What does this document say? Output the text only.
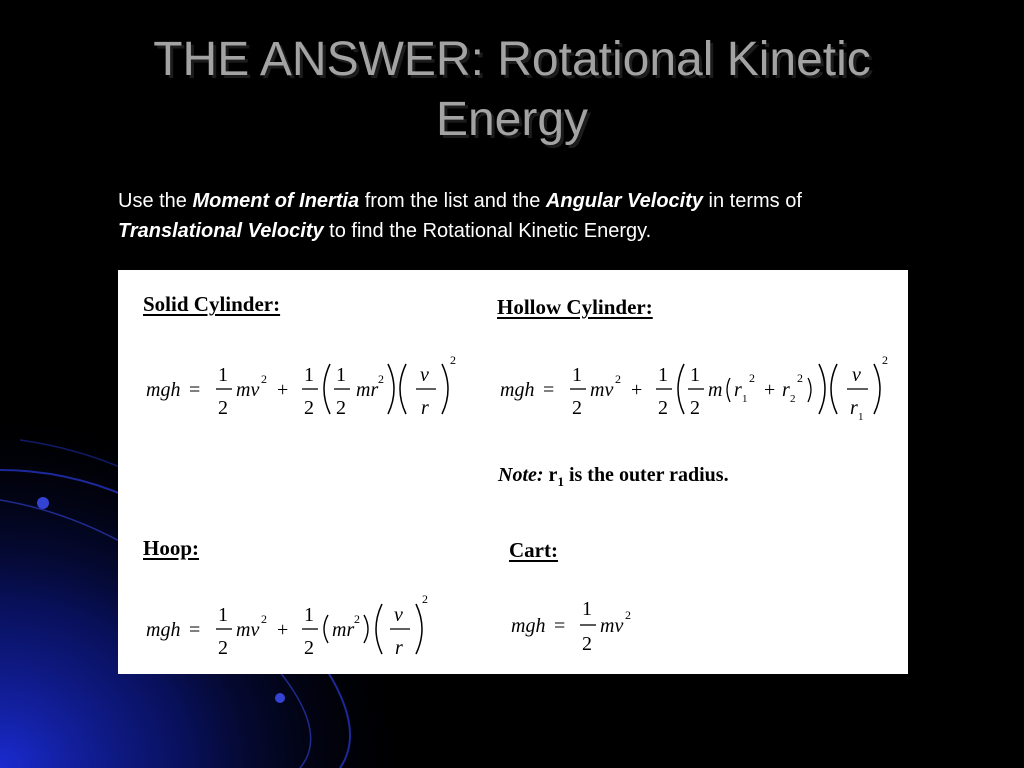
THE ANSWER: Rotational Kinetic
Energy
Use the Moment of Inertia from the list and the Angular Velocity in terms of Translational Velocity to find the Rotational Kinetic Energy.
Solid Cylinder:	Hollow Cylinder:
Hoop:	Cart:
Note: $r_1$ is the outer radius.
mgh =
1
2
mv 2 +
1
2
1
2
mr 2 v
r
2
mgh =
1
2
mv 2 +
1
2
1
2
m r 1
2
+ r 2
2 v
r 1
2
mgh =
1
2
mv 2 +
1
2
mr 2 v
r
2
mgh =
1
2
mv 2
